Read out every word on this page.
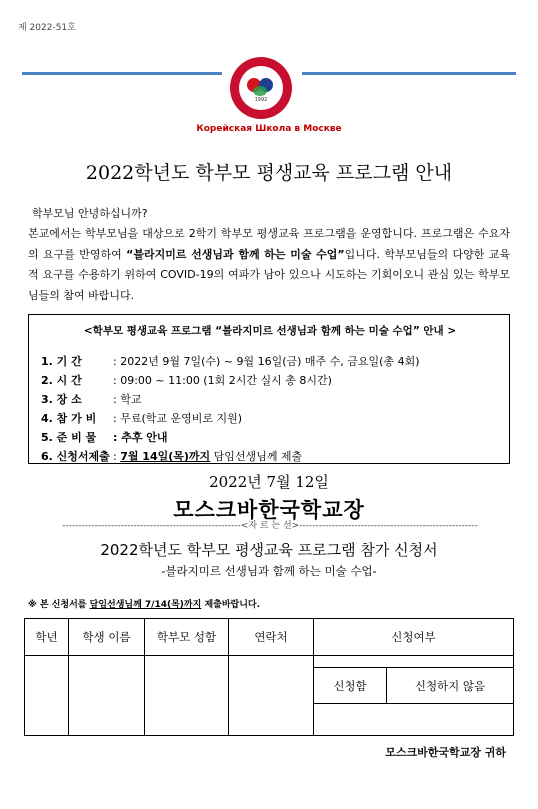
제 2022-51호
1992
Корейская Школа в Москве
2022학년도 학부모 평생교육 프로그램 안내
학부모님 안녕하십니까?
본교에서는 학부모님을 대상으로 2학기 학부모 평생교육 프로그램을 운영합니다. 프로그램은 수요자의 요구를 반영하여 “블라지미르 선생님과 함께 하는 미술 수업”입니다. 학부모님들의 다양한 교육적 요구를 수용하기 위하여 COVID-19의 여파가 남아 있으나 시도하는 기회이오니 관심 있는 학부모님들의 참여 바랍니다.
<학부모 평생교육 프로그램 “블라지미르 선생님과 함께 하는 미술 수업” 안내 >
1. 기 간	: 2022년 9월 7일(수) ~ 9월 16일(금) 매주 수, 금요일(총 4회)
2. 시 간	: 09:00 ~ 11:00 (1회 2시간 실시 총 8시간)
3. 장 소	: 학교
4. 참 가 비 : 무료(학교 운영비로 지원)
5. 준 비 물 : 추후 안내
6. 신청서제출 : 7월 14일(목)까지 담임선생님께 제출
2022년 7월 12일
모스크바한국학교장
-------------------------------------------------------<자 르 는 선>-------------------------------------------------------
2022학년도 학부모 평생교육 프로그램 참가 신청서
-블라지미르 선생님과 함께 하는 미술 수업-
※ 본 신청서를 담임선생님께 7/14(목)까지 제출바랍니다.
학년	학생 이름	학부모 성함	연락처	신청여부	

				신청함	신청하지 않음

모스크바한국학교장 귀하
